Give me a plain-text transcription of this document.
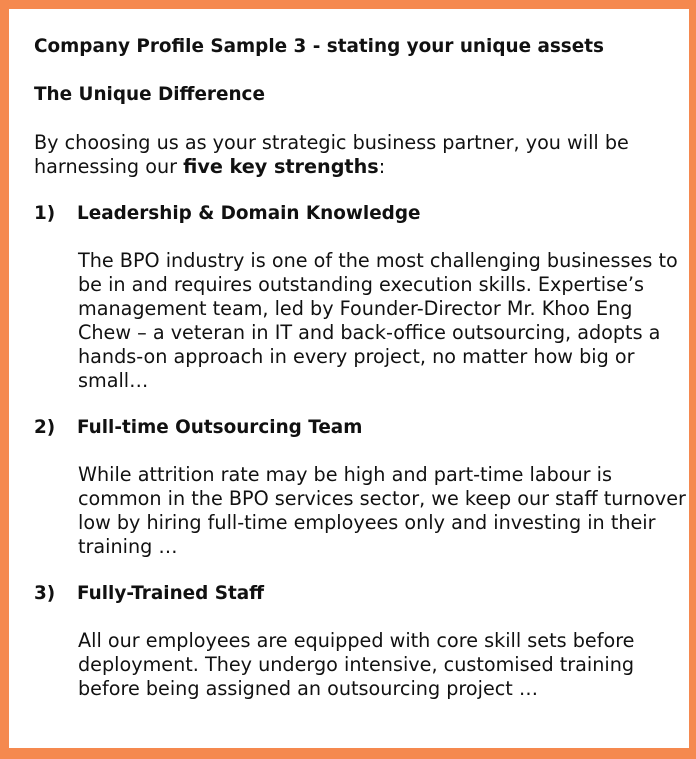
Company Profile Sample 3 - stating your unique assets
The Unique Difference
By choosing us as your strategic business partner, you will be
harnessing our five key strengths:
1) Leadership & Domain Knowledge

The BPO industry is one of the most challenging businesses to

be in and requires outstanding execution skills. Expertise’s

management team, led by Founder-Director Mr. Khoo Eng

Chew – a veteran in IT and back-office outsourcing, adopts a

hands-on approach in every project, no matter how big or

small…

2) Full-time Outsourcing Team

While attrition rate may be high and part-time labour is

common in the BPO services sector, we keep our staff turnover

low by hiring full-time employees only and investing in their

training …

3) Fully-Trained Staff

All our employees are equipped with core skill sets before

deployment. They undergo intensive, customised training

before being assigned an outsourcing project …
